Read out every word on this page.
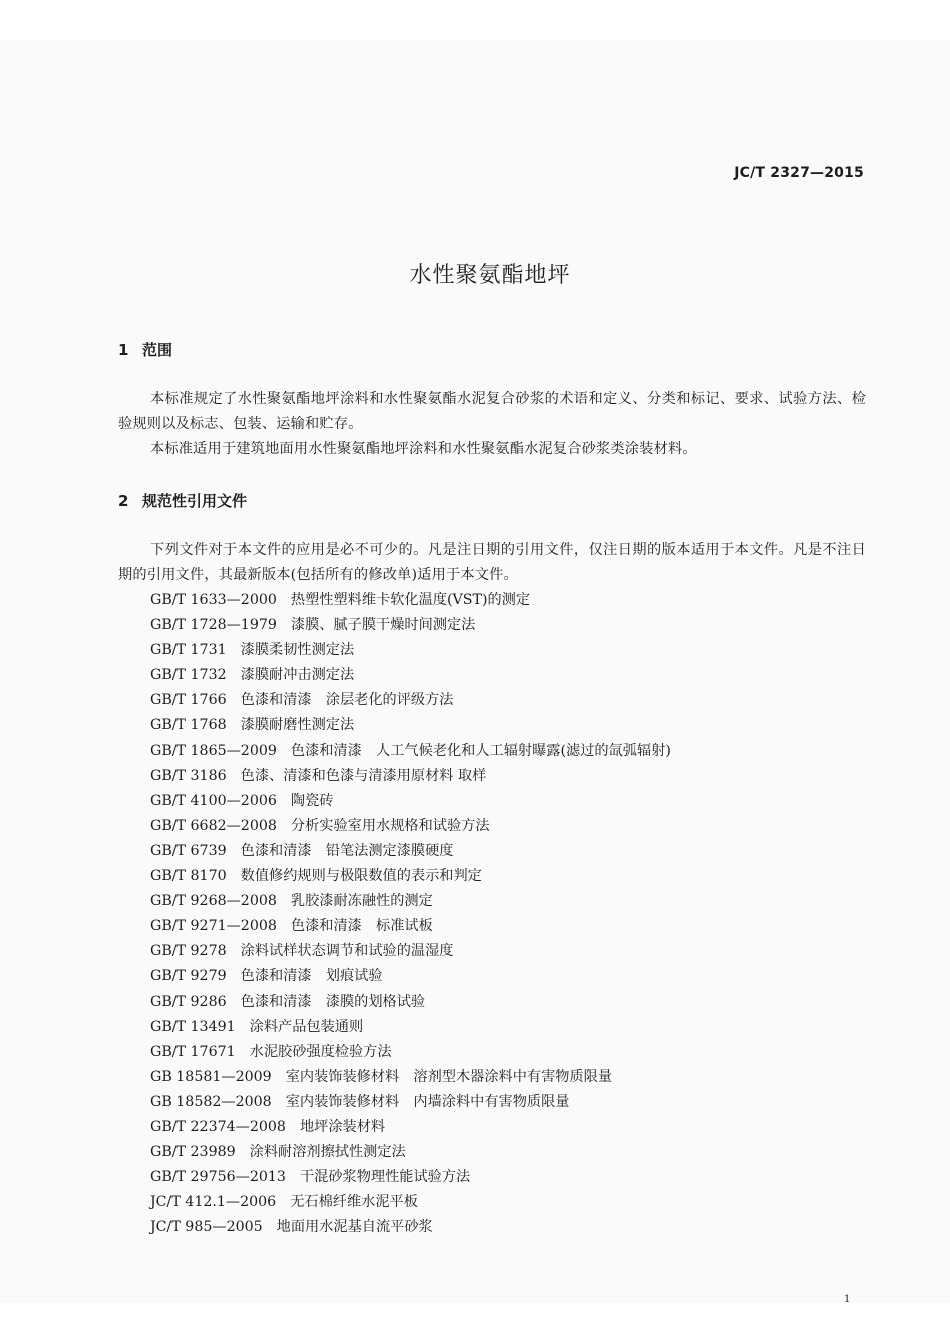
JC/T 2327—2015

水性聚氨酯地坪
1 范围

本标准规定了水性聚氨酯地坪涂料和水性聚氨酯水泥复合砂浆的术语和定义、分类和标记、要求、试验方法、检验规则以及标志、包装、运输和贮存。

本标准适用于建筑地面用水性聚氨酯地坪涂料和水性聚氨酯水泥复合砂浆类涂装材料。

2 规范性引用文件

下列文件对于本文件的应用是必不可少的。凡是注日期的引用文件，仅注日期的版本适用于本文件。凡是不注日期的引用文件，其最新版本(包括所有的修改单)适用于本文件。

GB/T 1633—2000 热塑性塑料维卡软化温度(VST)的测定
GB/T 1728—1979 漆膜、腻子膜干燥时间测定法
GB/T 1731 漆膜柔韧性测定法
GB/T 1732 漆膜耐冲击测定法
GB/T 1766 色漆和清漆　涂层老化的评级方法
GB/T 1768 漆膜耐磨性测定法
GB/T 1865—2009 色漆和清漆　人工气候老化和人工辐射曝露(滤过的氙弧辐射)
GB/T 3186 色漆、清漆和色漆与清漆用原材料 取样
GB/T 4100—2006 陶瓷砖
GB/T 6682—2008 分析实验室用水规格和试验方法
GB/T 6739 色漆和清漆　铅笔法测定漆膜硬度
GB/T 8170 数值修约规则与极限数值的表示和判定
GB/T 9268—2008 乳胶漆耐冻融性的测定
GB/T 9271—2008 色漆和清漆　标准试板
GB/T 9278 涂料试样状态调节和试验的温湿度
GB/T 9279 色漆和清漆　划痕试验
GB/T 9286 色漆和清漆　漆膜的划格试验
GB/T 13491 涂料产品包装通则
GB/T 17671 水泥胶砂强度检验方法
GB 18581—2009 室内装饰装修材料　溶剂型木器涂料中有害物质限量
GB 18582—2008 室内装饰装修材料　内墙涂料中有害物质限量
GB/T 22374—2008 地坪涂装材料
GB/T 23989 涂料耐溶剂擦拭性测定法
GB/T 29756—2013 干混砂浆物理性能试验方法
JC/T 412.1—2006 无石棉纤维水泥平板
JC/T 985—2005 地面用水泥基自流平砂浆

1
